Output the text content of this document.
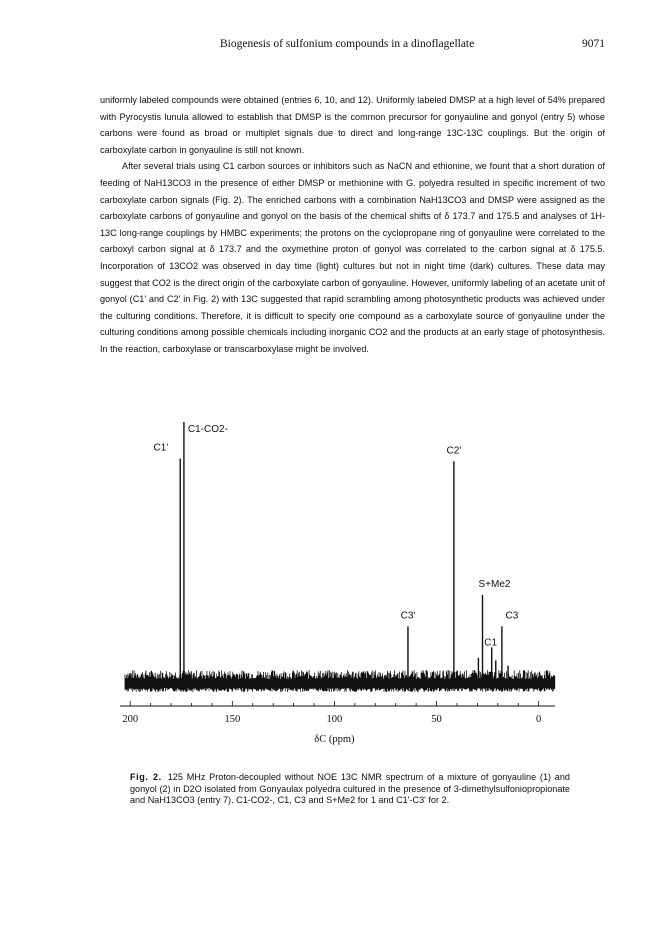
Biogenesis of sulfonium compounds in a dinoflagellate	9071

uniformly labeled compounds were obtained (entries 6, 10, and 12). Uniformly labeled DMSP at a high level of 54% prepared with Pyrocystis lunula allowed to establish that DMSP is the common precursor for gonyauline and gonyol (entry 5) whose carbons were found as broad or multiplet signals due to direct and long-range 13C-13C couplings. But the origin of carboxylate carbon in gonyauline is still not known.

After several trials using C1 carbon sources or inhibitors such as NaCN and ethionine, we fount that a short duration of feeding of NaH13CO3 in the presence of either DMSP or methionine with G. polyedra resulted in specific increment of two carboxylate carbon signals (Fig. 2). The enriched carbons with a combination NaH13CO3 and DMSP were assigned as the carboxylate carbons of gonyauline and gonyol on the basis of the chemical shifts of δ 173.7 and 175.5 and analyses of 1H-13C long-range couplings by HMBC experiments; the protons on the cyclopropane ring of gonyauline were correlated to the carboxyl carbon signal at δ 173.7 and the oxymethine proton of gonyol was correlated to the carbon signal at δ 175.5. Incorporation of 13CO2 was observed in day time (light) cultures but not in night time (dark) cultures. These data may suggest that CO2 is the direct origin of the carboxylate carbon of gonyauline. However, uniformly labeling of an acetate unit of gonyol (C1' and C2' in Fig. 2) with 13C suggested that rapid scrambling among photosynthetic products was achieved under the culturing conditions. Therefore, it is difficult to specify one compound as a carboxylate source of gonyauline under the culturing conditions among possible chemicals including inorganic CO2 and the products at an early stage of photosynthesis. In the reaction, carboxylase or transcarboxylase might be involved.

200	150	100	50	0
δC (ppm)
C1-CO2-
C1'	C2'
S+Me2
C3'	C3
C1
Fig. 2. 125 MHz Proton-decoupled without NOE 13C NMR spectrum of a mixture of gonyauline (1) and gonyol (2) in D2O isolated from Gonyaulax polyedra cultured in the presence of 3-dimethylsulfoniopropionate and NaH13CO3 (entry 7). C1-CO2-, C1, C3 and S+Me2 for 1 and C1'-C3' for 2.
